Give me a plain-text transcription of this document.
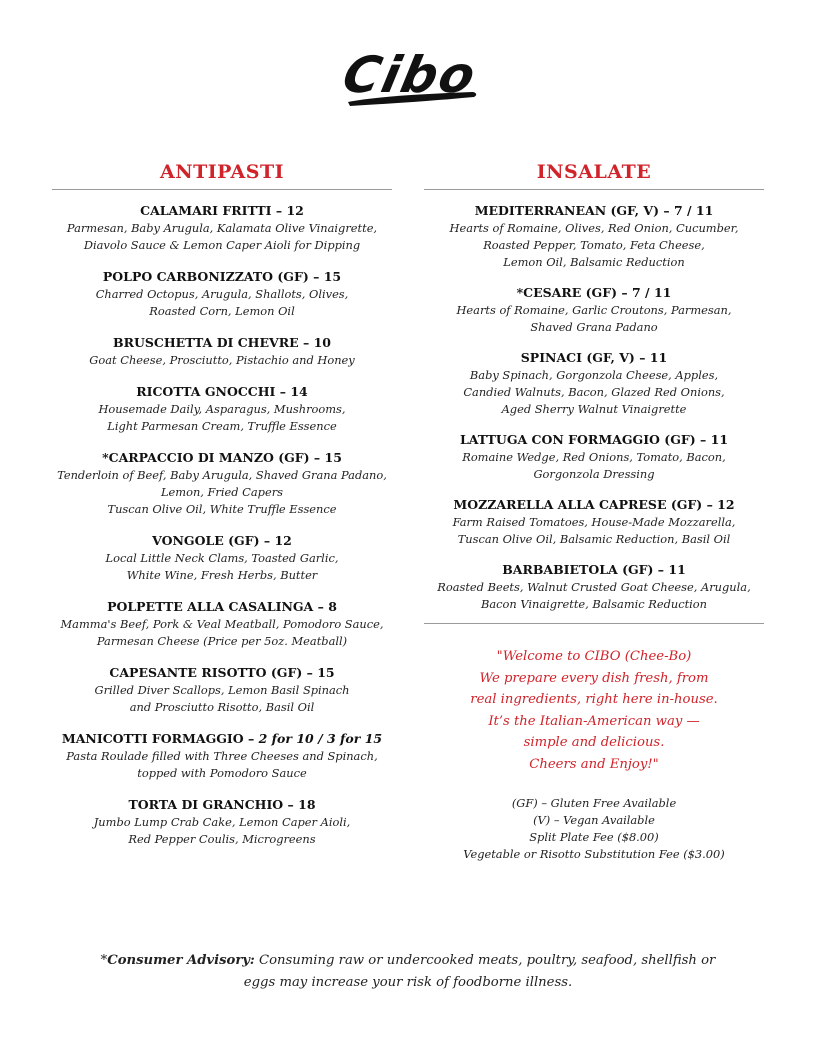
Cibo
ANTIPASTI
CALAMARI FRITTI – 12
Parmesan, Baby Arugula, Kalamata Olive Vinaigrette,
Diavolo Sauce & Lemon Caper Aioli for Dipping
POLPO CARBONIZZATO (GF) – 15
Charred Octopus, Arugula, Shallots, Olives,
Roasted Corn, Lemon Oil
BRUSCHETTA DI CHEVRE – 10
Goat Cheese, Prosciutto, Pistachio and Honey
RICOTTA GNOCCHI – 14
Housemade Daily, Asparagus, Mushrooms,
Light Parmesan Cream, Truffle Essence
*CARPACCIO DI MANZO (GF) – 15
Tenderloin of Beef, Baby Arugula, Shaved Grana Padano,
Lemon, Fried Capers
Tuscan Olive Oil, White Truffle Essence
VONGOLE (GF) – 12
Local Little Neck Clams, Toasted Garlic,
White Wine, Fresh Herbs, Butter
POLPETTE ALLA CASALINGA – 8
Mamma's Beef, Pork & Veal Meatball, Pomodoro Sauce,
Parmesan Cheese (Price per 5oz. Meatball)
CAPESANTE RISOTTO (GF) – 15
Grilled Diver Scallops, Lemon Basil Spinach
and Prosciutto Risotto, Basil Oil
MANICOTTI FORMAGGIO – 2 for 10 / 3 for 15
Pasta Roulade filled with Three Cheeses and Spinach,
topped with Pomodoro Sauce
TORTA DI GRANCHIO – 18
Jumbo Lump Crab Cake, Lemon Caper Aioli,
Red Pepper Coulis, Microgreens
INSALATE
MEDITERRANEAN (GF, V) – 7 / 11
Hearts of Romaine, Olives, Red Onion, Cucumber,
Roasted Pepper, Tomato, Feta Cheese,
Lemon Oil, Balsamic Reduction
*CESARE (GF) – 7 / 11
Hearts of Romaine, Garlic Croutons, Parmesan,
Shaved Grana Padano
SPINACI (GF, V) – 11
Baby Spinach, Gorgonzola Cheese, Apples,
Candied Walnuts, Bacon, Glazed Red Onions,
Aged Sherry Walnut Vinaigrette
LATTUGA CON FORMAGGIO (GF) – 11
Romaine Wedge, Red Onions, Tomato, Bacon,
Gorgonzola Dressing
MOZZARELLA ALLA CAPRESE (GF) – 12
Farm Raised Tomatoes, House-Made Mozzarella,
Tuscan Olive Oil, Balsamic Reduction, Basil Oil
BARBABIETOLA (GF) – 11
Roasted Beets, Walnut Crusted Goat Cheese, Arugula,
Bacon Vinaigrette, Balsamic Reduction
"Welcome to CIBO (Chee-Bo)
We prepare every dish fresh, from
real ingredients, right here in-house.
It’s the Italian-American way —
simple and delicious.
Cheers and Enjoy!"
(GF) – Gluten Free Available
(V) – Vegan Available
Split Plate Fee ($8.00)
Vegetable or Risotto Substitution Fee ($3.00)
*Consumer Advisory: Consuming raw or undercooked meats, poultry, seafood, shellfish or
eggs may increase your risk of foodborne illness.
